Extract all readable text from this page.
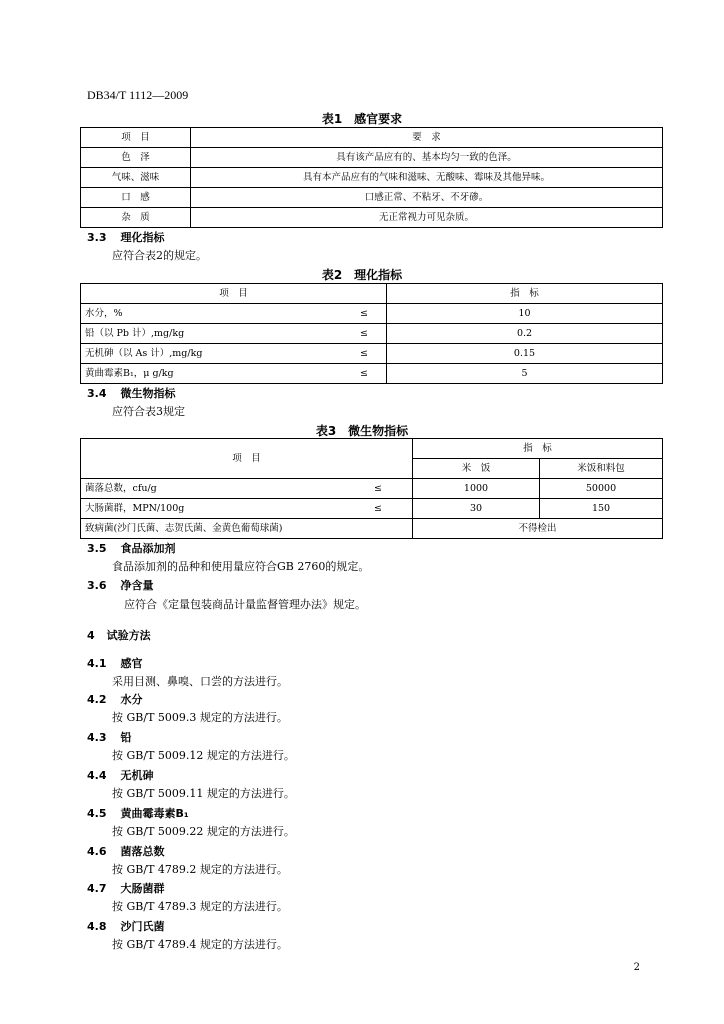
DB34/T 1112—2009
表1　感官要求
项　目	要　求
色　泽	具有该产品应有的、基本均匀一致的色泽。
气味、滋味	具有本产品应有的气味和滋味、无酸味、霉味及其他异味。
口　感	口感正常、不粘牙、不牙碜。
杂　质	无正常视力可见杂质。
3.3 理化指标
应符合表2的规定。
表2　理化指标
项　目	指　标

水分，% ≤	10

铅（以 Pb 计）,mg/kg ≤	0.2

无机砷（以 As 计）,mg/kg ≤	0.15

黄曲霉素B₁，μ g/kg ≤	5
3.4 微生物指标
应符合表3规定
表3　微生物指标
项　目	指　标	
	米　饭	米饭和料包

菌落总数，cfu/g ≤	1000	50000

大肠菌群，MPN/100g ≤	30	150
致病菌(沙门氏菌、志贺氏菌、金黄色葡萄球菌)	不得检出	
3.5 食品添加剂
食品添加剂的品种和使用量应符合GB 2760的规定。
3.6 净含量
应符合《定量包装商品计量监督管理办法》规定。
4 试验方法
4.1 感官
采用目测、鼻嗅、口尝的方法进行。
4.2 水分
按 GB/T 5009.3 规定的方法进行。
4.3 铅
按 GB/T 5009.12 规定的方法进行。
4.4 无机砷
按 GB/T 5009.11 规定的方法进行。
4.5 黄曲霉毒素B₁
按 GB/T 5009.22 规定的方法进行。
4.6 菌落总数
按 GB/T 4789.2 规定的方法进行。
4.7 大肠菌群
按 GB/T 4789.3 规定的方法进行。
4.8 沙门氏菌
按 GB/T 4789.4 规定的方法进行。
2
